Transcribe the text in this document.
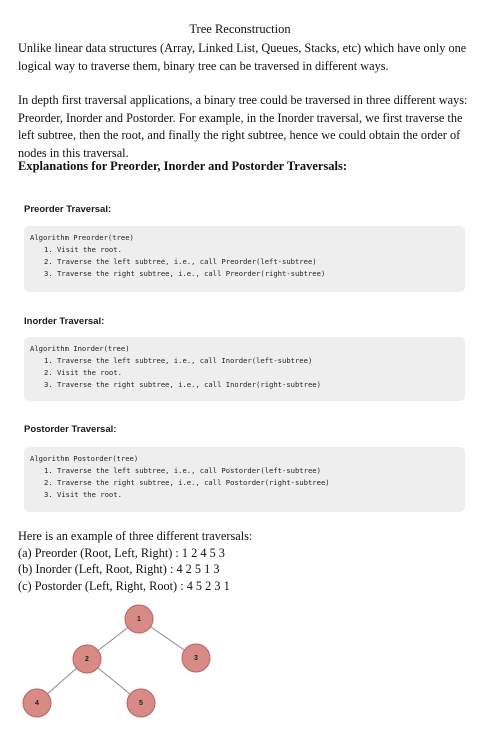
Tree Reconstruction
Unlike linear data structures (Array, Linked List, Queues, Stacks, etc) which have only one logical way to traverse them, binary tree can be traversed in different ways.
In depth first traversal applications, a binary tree could be traversed in three different ways: Preorder, Inorder and Postorder. For example, in the Inorder traversal, we first traverse the left subtree, then the root, and finally the right subtree, hence we could obtain the order of nodes in this traversal.
Explanations for Preorder, Inorder and Postorder Traversals:
Preorder Traversal:
Algorithm Preorder(tree)
1. Visit the root.
2. Traverse the left subtree, i.e., call Preorder(left-subtree)
3. Traverse the right subtree, i.e., call Preorder(right-subtree)
Inorder Traversal:
Algorithm Inorder(tree)
1. Traverse the left subtree, i.e., call Inorder(left-subtree)
2. Visit the root.
3. Traverse the right subtree, i.e., call Inorder(right-subtree)
Postorder Traversal:
Algorithm Postorder(tree)
1. Traverse the left subtree, i.e., call Postorder(left-subtree)
2. Traverse the right subtree, i.e., call Postorder(right-subtree)
3. Visit the root.
Here is an example of three different traversals:
(a) Preorder (Root, Left, Right) : 1 2 4 5 3
(b) Inorder (Left, Root, Right) : 4 2 5 1 3
(c) Postorder (Left, Right, Root) : 4 5 2 3 1
1
2	3
4	5
